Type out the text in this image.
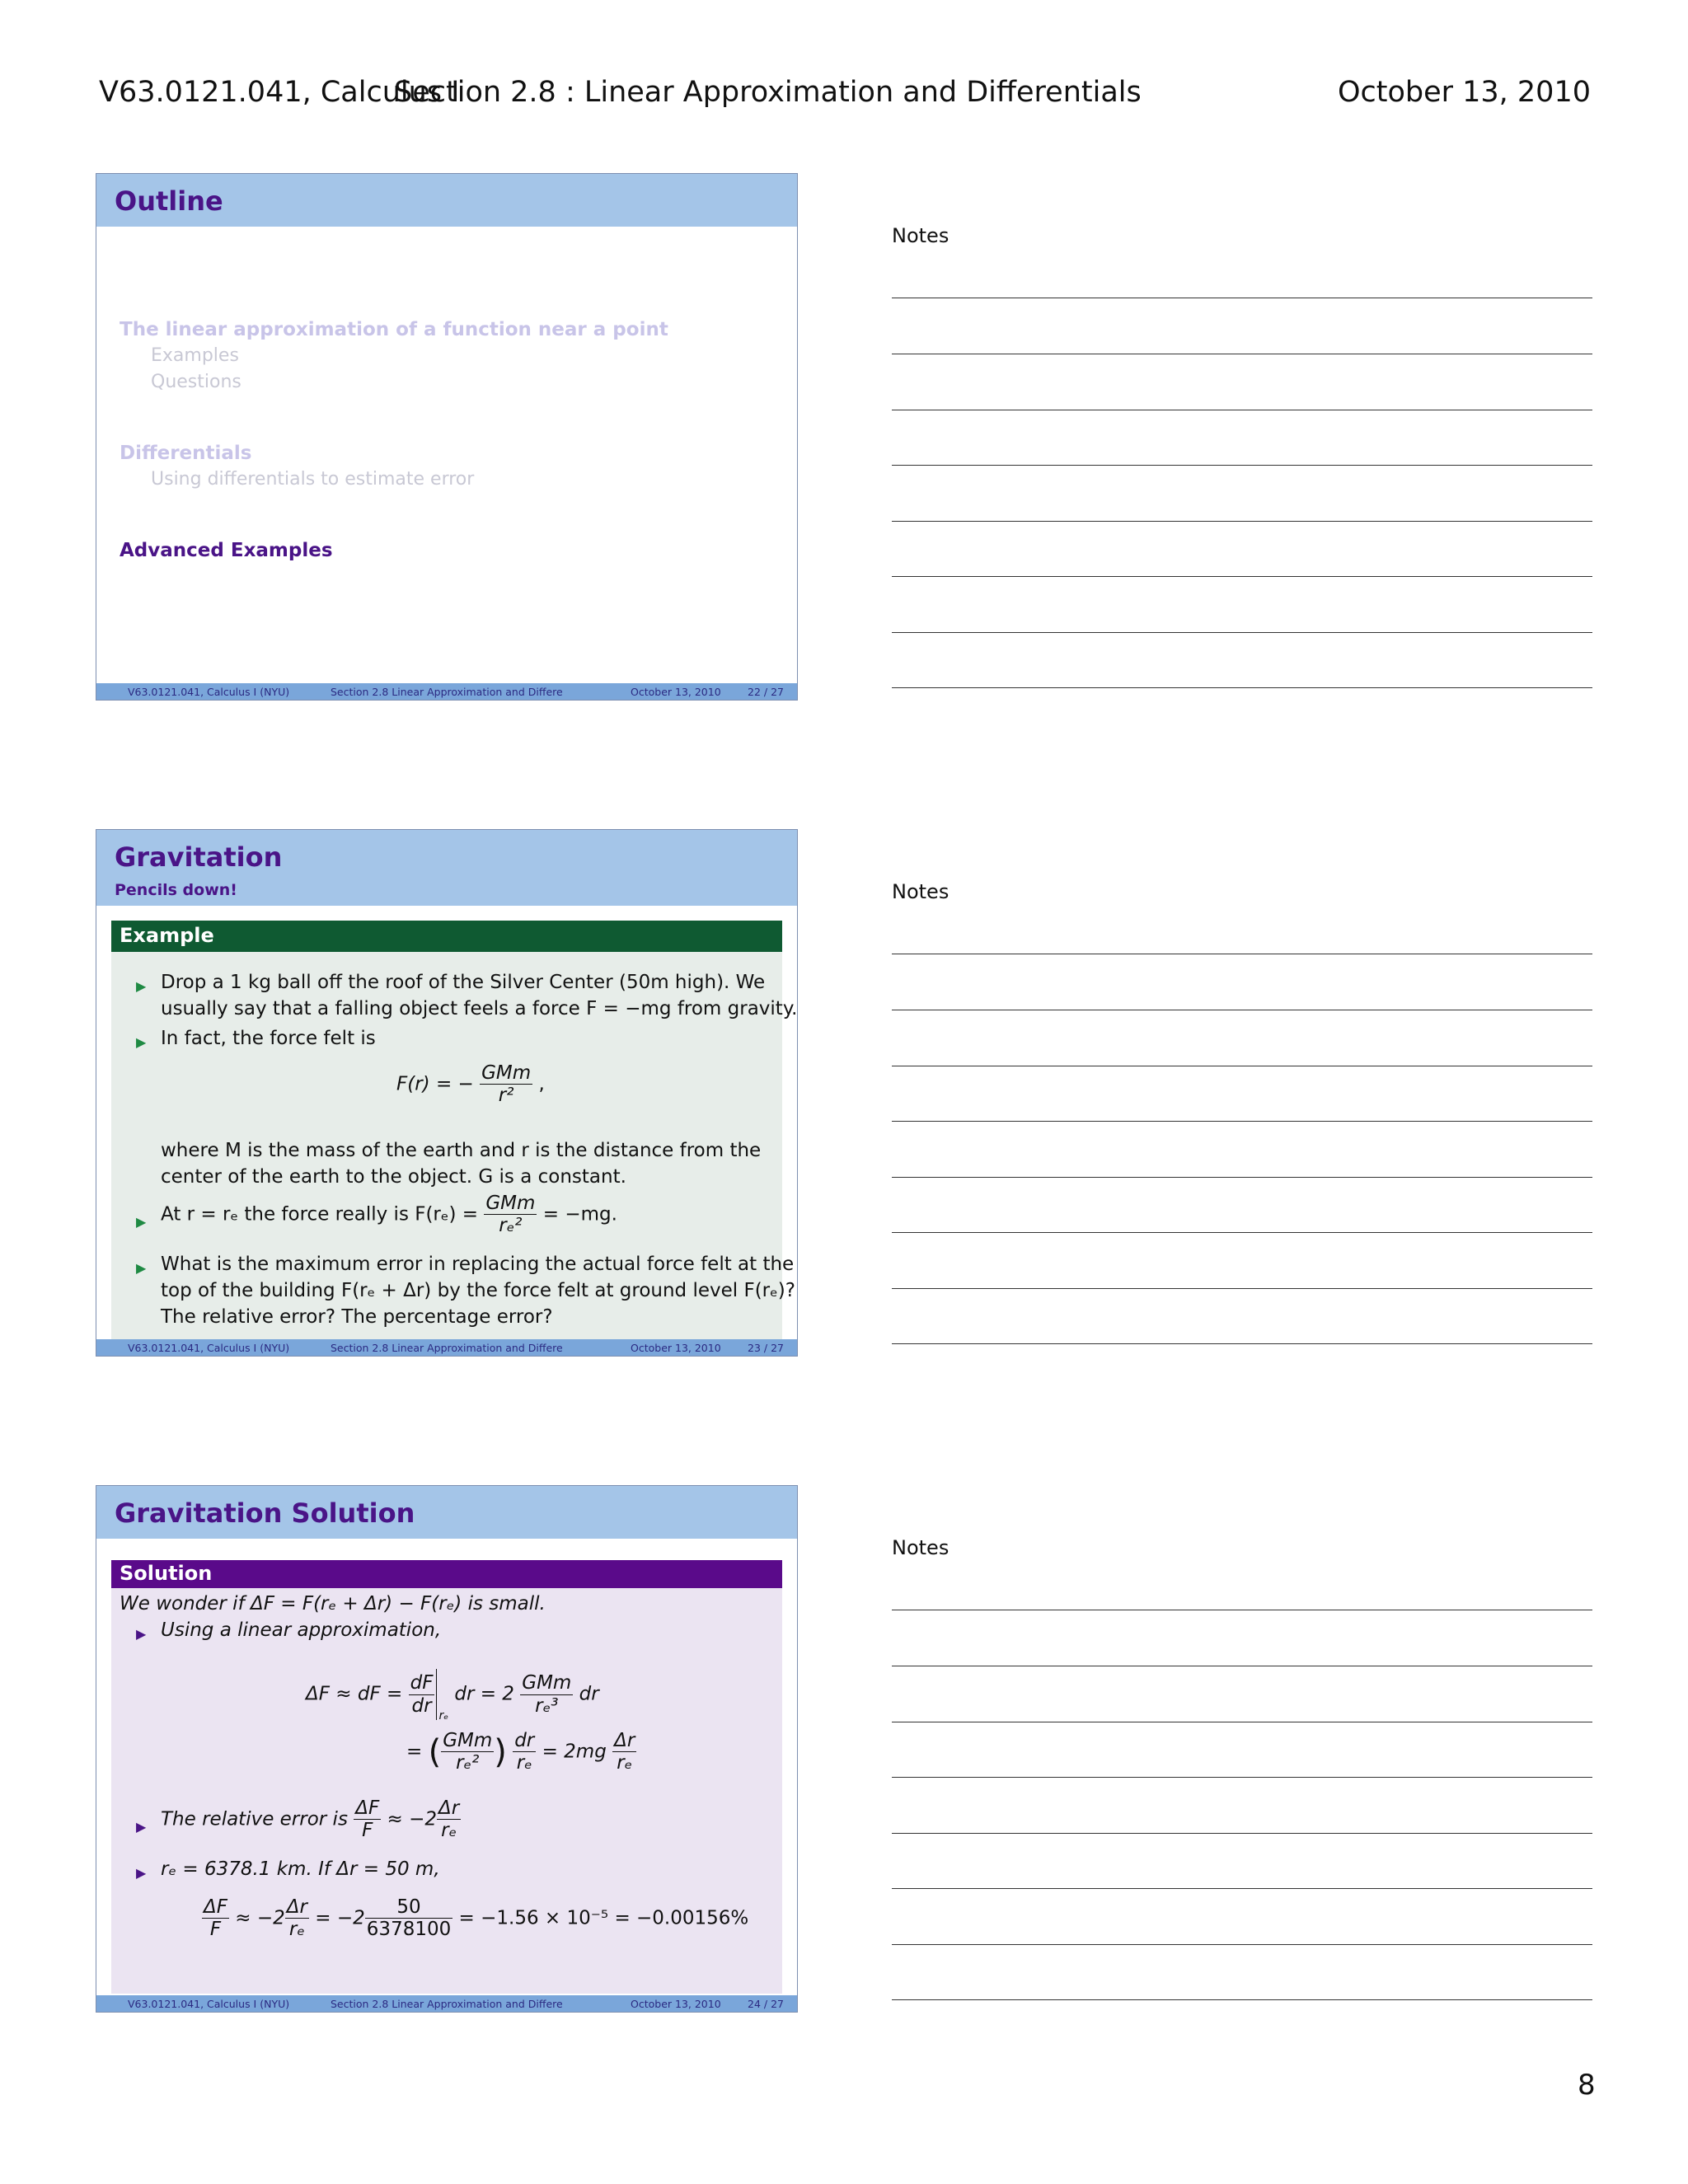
V63.0121.041, Calculus I
Section 2.8 : Linear Approximation and Differentials	October 13, 2010
Outline
The linear approximation of a function near a point
Examples
Questions
Differentials
Using differentials to estimate error
Advanced Examples
V63.0121.041, Calculus I (NYU)	Section 2.8 Linear Approximation and Differe	October 13, 2010	22 / 27
Gravitation
Pencils down!
Example
▶ Drop a 1 kg ball off the roof of the Silver Center (50m high). We
usually say that a falling object feels a force F = −mg from gravity.
▶ In fact, the force felt is
F(r) = − $\frac{\text{GMm}}{\text{r²}}$ ,
where M is the mass of the earth and r is the distance from the
center of the earth to the object. G is a constant.
▶ At r = rₑ the force really is $F(r_e) = \frac{\text{GMm}}{\text{rₑ²}} = -mg$.
▶ What is the maximum error in replacing the actual force felt at the
top of the building F(rₑ + Δr) by the force felt at ground level F(rₑ)?
The relative error? The percentage error?
V63.0121.041, Calculus I (NYU)	Section 2.8 Linear Approximation and Differe	October 13, 2010	23 / 27
Gravitation Solution
Solution
We wonder if ΔF = F(rₑ + Δr) − F(rₑ) is small.
▶ Using a linear approximation,
ΔF ≈ dF = $\frac{dF}{dr} _{r_e}$ dr = $2 \frac{\text{GMm}}{\text{rₑ³}}$ dr
= ( $\frac{\text{GMm}}{\text{rₑ²}}$ ) $\frac{dr}{\text{rₑ}} = 2mg \frac{\Delta r}{\text{rₑ}}$
▶ The relative error is $\frac{\Delta F}{F} \approx -2 \frac{\Delta r}{\text{rₑ}}$
▶ rₑ = 6378.1 km. If Δr = 50 m,
$\frac{\Delta F}{F} \approx -2 \frac{\Delta r}{\text{rₑ}} = -2 \frac{50}{6378100} = -1.56 \times 10^{-5} = -0.00156\%$
V63.0121.041, Calculus I (NYU)	Section 2.8 Linear Approximation and Differe	October 13, 2010	24 / 27
Notes
Notes
Notes
8
